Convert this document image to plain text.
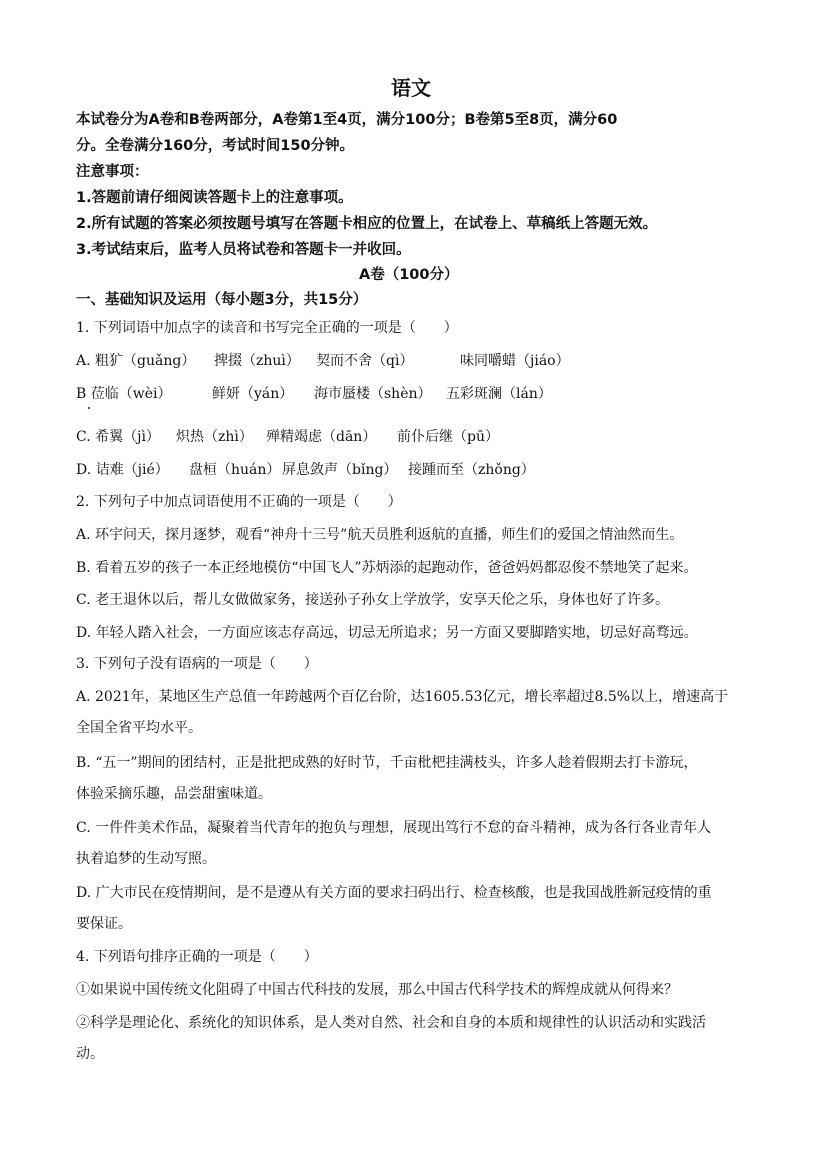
语文
本试卷分为A卷和B卷两部分，A卷第1至4页，满分100分；B卷第5至8页，满分60
分。全卷满分160分，考试时间150分钟。
注意事项：
1.答题前请仔细阅读答题卡上的注意事项。
2.所有试题的答案必须按题号填写在答题卡相应的位置上，在试卷上、草稿纸上答题无效。
3.考试结束后，监考人员将试卷和答题卡一并收回。
A卷（100分）
一、基础知识及运用（每小题3分，共15分）
1. 下列词语中加点字的读音和书写完全正确的一项是（　　）
A. 粗犷（guǎng） 捭掇（zhuì） 契而不舍（qì）	味同嚼蜡（jiáo）
B 莅临（wèi）	鲜妍（yán） 海市蜃楼（shèn） 五彩斑澜（lán）
C. 希翼（jì） 炽热（zhì） 殚精竭虑（dān） 前仆后继（pū）
D. 诘难（jié） 盘桓（huán） 屏息敛声（bǐng） 接踵而至（zhǒng）
2. 下列句子中加点词语使用不正确的一项是（　　）
A. 环宇问天，探月逐梦，观看“神舟十三号”航天员胜利返航的直播，师生们的爱国之情油然而生。
B. 看着五岁的孩子一本正经地模仿“中国飞人”苏炳添的起跑动作，爸爸妈妈都忍俊不禁地笑了起来。
C. 老王退休以后，帮儿女做做家务，接送孙子孙女上学放学，安享天伦之乐，身体也好了许多。
D. 年轻人踏入社会，一方面应该志存高远，切忌无所追求；另一方面又要脚踏实地，切忌好高骛远。
3. 下列句子没有语病的一项是（　　）
A. 2021年，某地区生产总值一年跨越两个百亿台阶，达1605.53亿元，增长率超过8.5%以上，增速高于
全国全省平均水平。
B. “五一”期间的团结村，正是批把成熟的好时节，千亩枇杷挂满枝头，许多人趁着假期去打卡游玩，
体验采摘乐趣，品尝甜蜜味道。
C. 一件件美术作品，凝聚着当代青年的抱负与理想，展现出笃行不怠的奋斗精神，成为各行各业青年人
执着追梦的生动写照。
D. 广大市民在疫情期间，是不是遵从有关方面的要求扫码出行、检查核酸，也是我国战胜新冠疫情的重
要保证。
4. 下列语句排序正确的一项是（　　）
①如果说中国传统文化阻碍了中国古代科技的发展，那么中国古代科学技术的辉煌成就从何得来？
②科学是理论化、系统化的知识体系，是人类对自然、社会和自身的本质和规律性的认识活动和实践活
动。
